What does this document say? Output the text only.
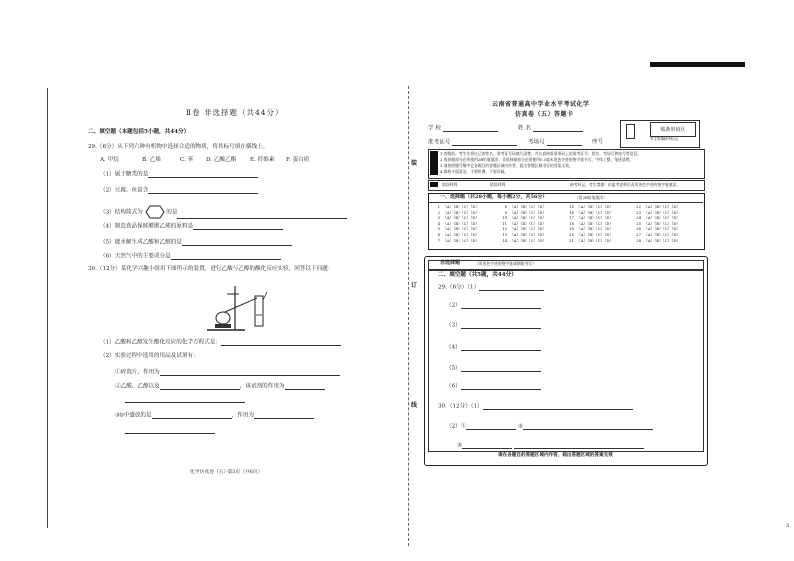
Ⅱ卷 非选择题（共44分）
二、填空题（本题包括5小题，共44分）
29.（6分）从下列六种有机物中选择合适的物质，将其标号填在横线上。
A. 甲烷	B. 乙烯	C. 苯 D. 乙酸乙酯 E. 纤维素 F. 蛋白质
（1）属于糖类的是
（2）豆腐、鱼富含
（3）结构简式为	的是
（4）制造食品保鲜膜聚乙烯的原料是
（5）能水解生成乙酸和乙醇的是
（6）天然气中的主要成分是
30.（12分）某化学兴趣小组用下图所示的装置，进行乙酸与乙醇的酯化反应实验，回答以下问题：
（1）乙酸和乙醇发生酯化反应的化学方程式是：
（2）实验过程中选用的用品及试剂有：
①碎瓷片，作用为
②乙酸、乙醇以及	，该试剂的作用为
③b中盛放的是	，作用为
化学仿真卷（五）·第3页（共6页）
云南省普通高中学业水平考试化学
仿真卷（五）答题卡
学 校	姓 名
准考证号	考场号	座号
贴条形码区
考生禁填缺考标记
1.答题前，考生先将自己的姓名、准考证号码填写清楚，并认真核准条形码上的准考证号、姓名、考场号和座号等信息。
2.选择题部分必须使用2B铅笔填涂；非选择题部分必须使用0.5毫米黑色字迹的签字笔书写，字体工整，笔迹清楚。
3.请按照题号顺序在各题目的答题区域内作答，超出答题区域书写的答案无效。
4.保持卡面清洁，不要折叠、不要弄破。
填涂样例	错误样例	缺考标记，考生禁填！由监考老师负责用黑色字迹的签字笔填涂。
一、选择题（共28小题，每小题2分，共56分）	（用2B铅笔填涂）
1 （A）（B）（C）（D）
2 （A）（B）（C）（D）
3 （A）（B）（C）（D）
4 （A）（B）（C）（D）
5 （A）（B）（C）（D）
6 （A）（B）（C）（D）
7 （A）（B）（C）（D）
8 （A）（B）（C）（D）
9 （A）（B）（C）（D）
10 （A）（B）（C）（D）
11 （A）（B）（C）（D）
12 （A）（B）（C）（D）
13 （A）（B）（C）（D）
14 （A）（B）（C）（D）
15 （A）（B）（C）（D）
16 （A）（B）（C）（D）
17 （A）（B）（C）（D）
18 （A）（B）（C）（D）
19 （A）（B）（C）（D）
20 （A）（B）（C）（D）
21 （A）（B）（C）（D）
22 （A）（B）（C）（D）
23 （A）（B）（C）（D）
24 （A）（B）（C）（D）
25 （A）（B）（C）（D）
26 （A）（B）（C）（D）
27 （A）（B）（C）（D）
28 （A）（B）（C）（D）
非选择题	（用黑色字迹的签字笔或钢笔书写）
二、填空题（共5题，共44分）
29.（6分）（1）
（2）
（3）
（4）
（5）
（6）
30.（12分）（1）
（2）①	②
③
请在各题目的答题区域内作答，超出答题区域的答案无效
装
订
线
3
